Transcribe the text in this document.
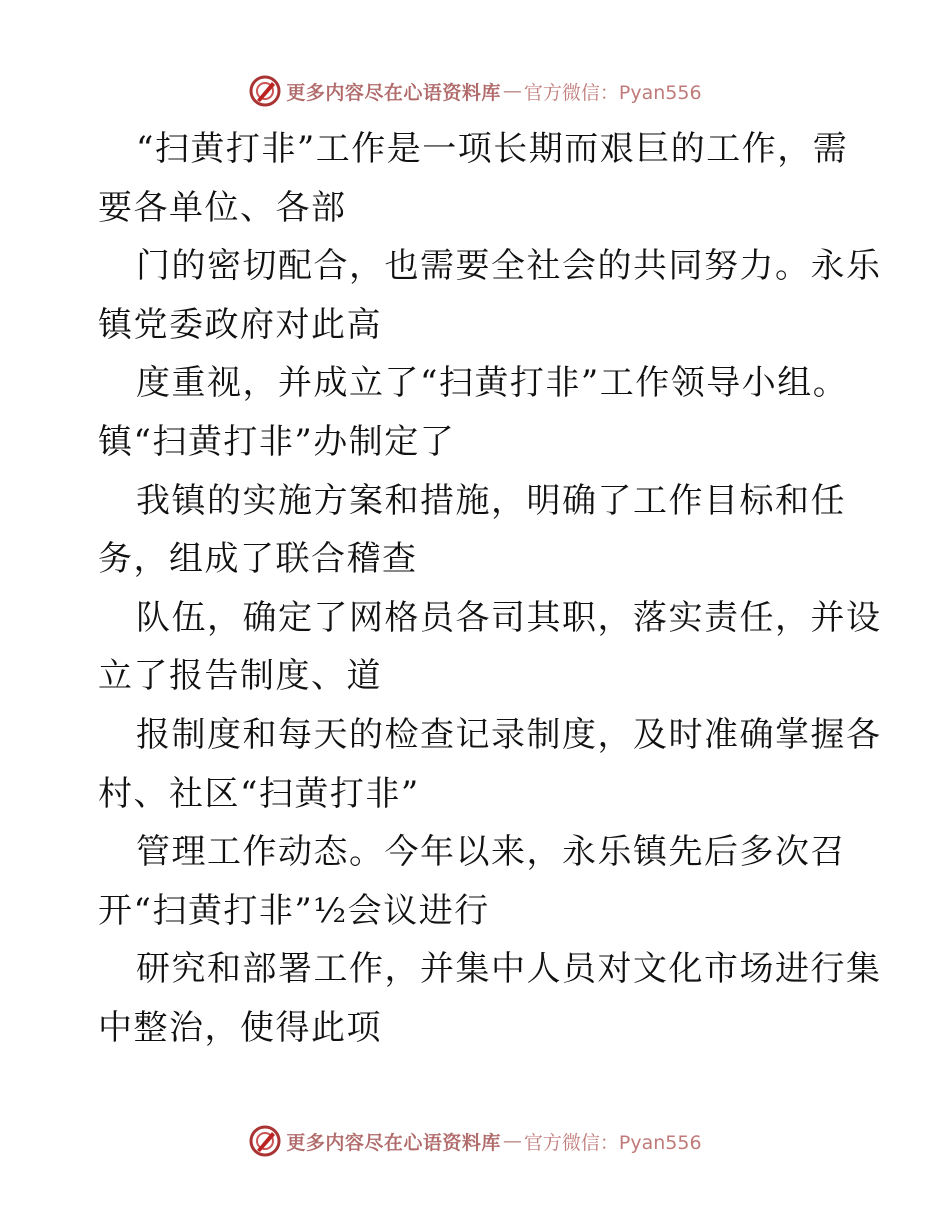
更多内容尽在心语资料库 — 官方微信：Pyan556
“扫黄打非”工作是一项长期而艰巨的工作，需
要各单位、各部
门的密切配合，也需要全社会的共同努力。永乐
镇党委政府对此高
度重视，并成立了“扫黄打非”工作领导小组。
镇“扫黄打非”办制定了
我镇的实施方案和措施，明确了工作目标和任
务，组成了联合稽查
队伍，确定了网格员各司其职，落实责任，并设
立了报告制度、道
报制度和每天的检查记录制度，及时准确掌握各
村、社区“扫黄打非”
管理工作动态。今年以来，永乐镇先后多次召
开“扫黄打非”½会议进行
研究和部署工作，并集中人员对文化市场进行集
中整治，使得此项
更多内容尽在心语资料库 — 官方微信：Pyan556
